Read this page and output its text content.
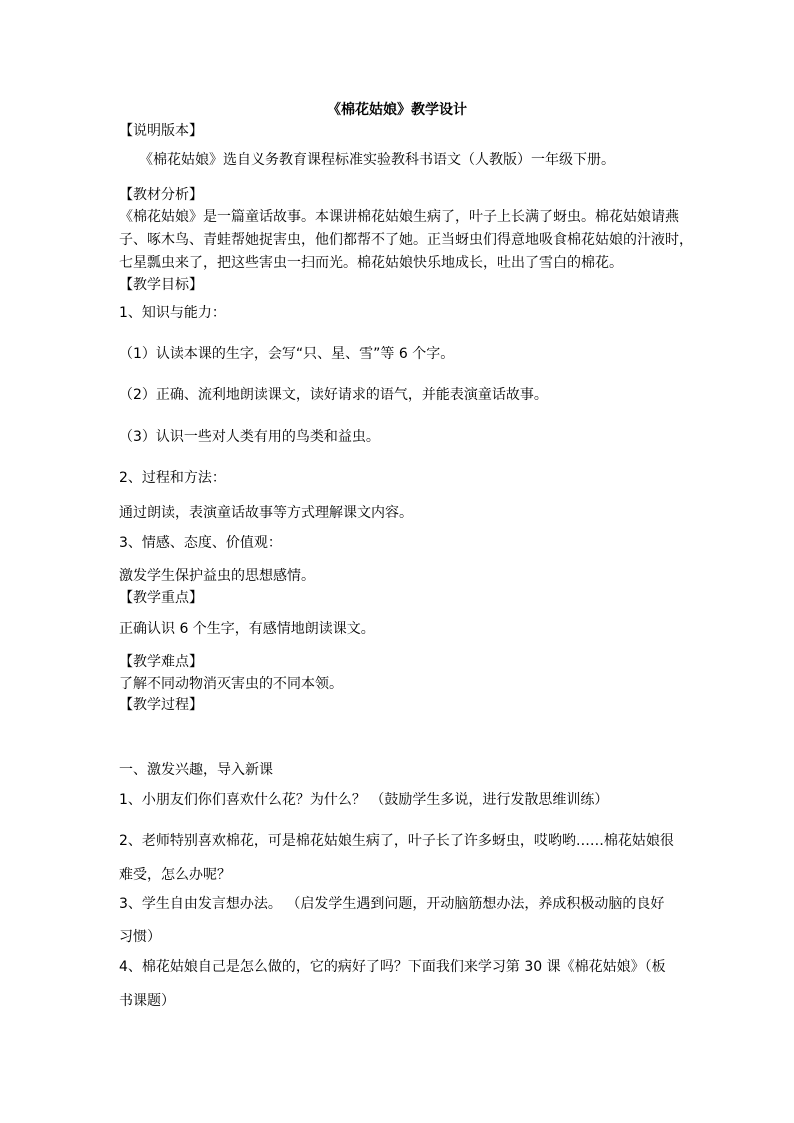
《棉花姑娘》教学设计
【说明版本】
《棉花姑娘》选自义务教育课程标准实验教科书语文（人教版）一年级下册。
【教材分析】
《棉花姑娘》是一篇童话故事。本课讲棉花姑娘生病了，叶子上长满了蚜虫。棉花姑娘请燕
子、啄木鸟、青蛙帮她捉害虫，他们都帮不了她。正当蚜虫们得意地吸食棉花姑娘的汁液时，
七星瓢虫来了，把这些害虫一扫而光。棉花姑娘快乐地成长，吐出了雪白的棉花。
【教学目标】
1、知识与能力：
（1）认读本课的生字，会写“只、星、雪”等 6 个字。
（2）正确、流利地朗读课文，读好请求的语气，并能表演童话故事。
（3）认识一些对人类有用的鸟类和益虫。
2、过程和方法：
通过朗读，表演童话故事等方式理解课文内容。
3、情感、态度、价值观：
激发学生保护益虫的思想感情。
【教学重点】
正确认识 6 个生字，有感情地朗读课文。
【教学难点】
了解不同动物消灭害虫的不同本领。
【教学过程】
一、激发兴趣，导入新课
1、小朋友们你们喜欢什么花？为什么？ （鼓励学生多说，进行发散思维训练）
2、老师特别喜欢棉花，可是棉花姑娘生病了，叶子长了许多蚜虫，哎哟哟……棉花姑娘很
难受，怎么办呢？
3、学生自由发言想办法。 （启发学生遇到问题，开动脑筋想办法，养成积极动脑的良好
习惯）
4、棉花姑娘自己是怎么做的，它的病好了吗？下面我们来学习第 30 课《棉花姑娘》（板
书课题）
